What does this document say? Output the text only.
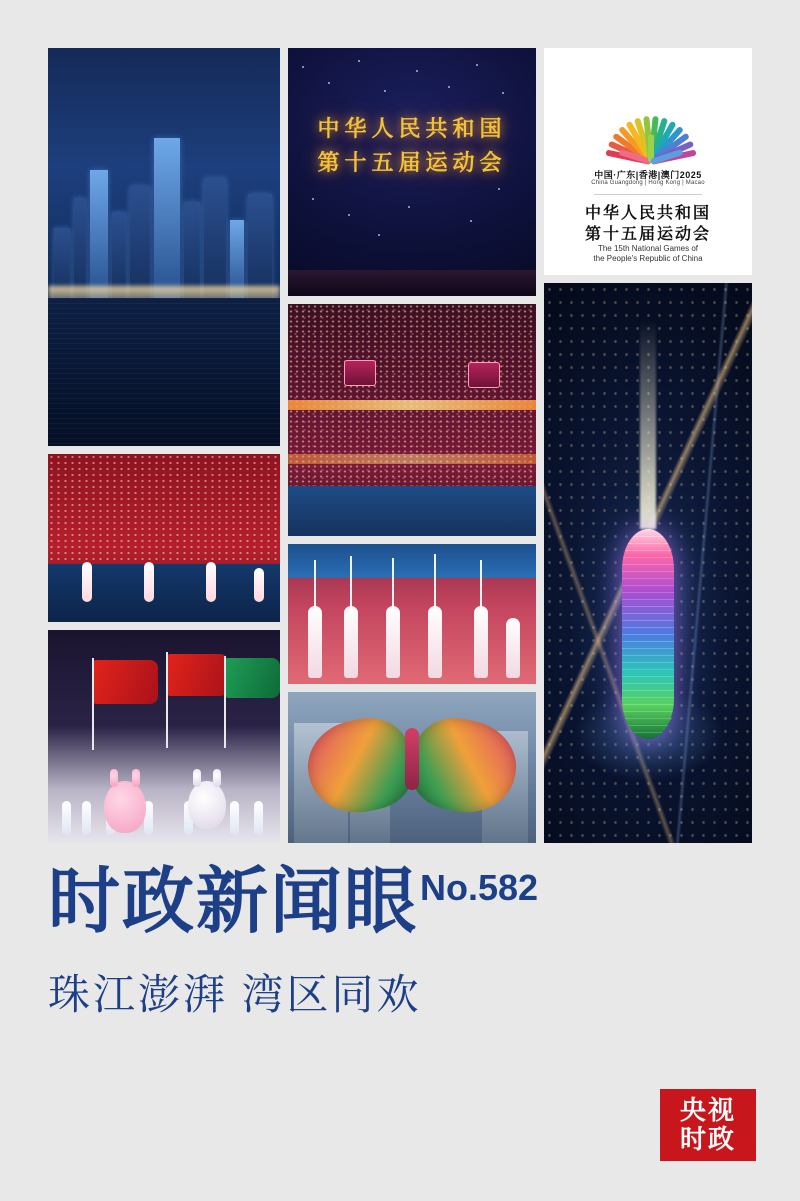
中华人民共和国
第十五届运动会	中国·广东|香港|澳门2025
China Guangdong | Hong Kong | Macao
中华人民共和国
第十五届运动会
The 15th National Games of
the People's Republic of China
时政新闻眼No.582
珠江澎湃 湾区同欢
央视
时政
